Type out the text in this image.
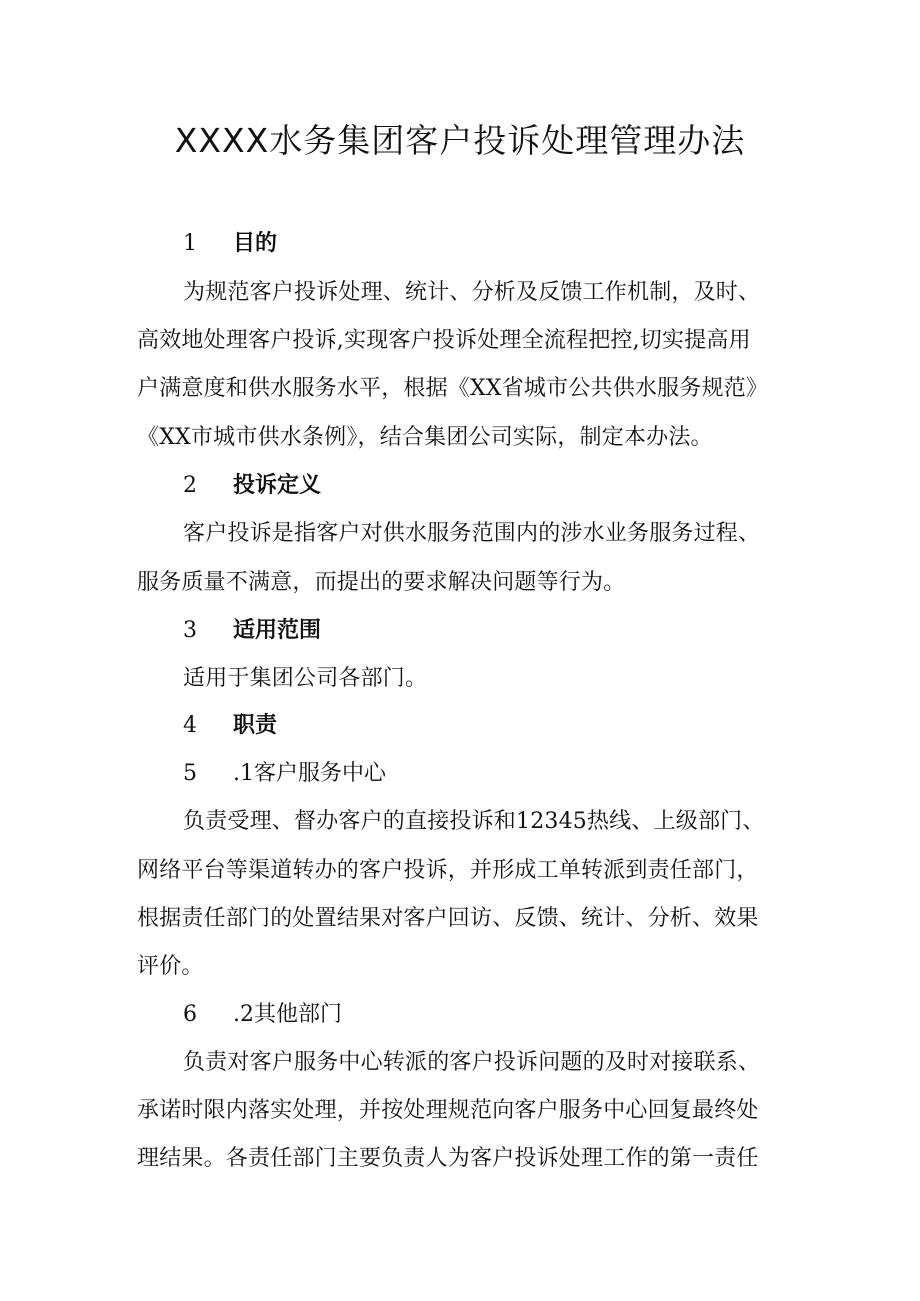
XXXX水务集团客户投诉处理管理办法
1 目的
为规范客户投诉处理、统计、分析及反馈工作机制，及时、
高效地处理客户投诉,实现客户投诉处理全流程把控,切实提高用
户满意度和供水服务水平，根据《XX省城市公共供水服务规范》
《XX市城市供水条例》，结合集团公司实际，制定本办法。
2 投诉定义
客户投诉是指客户对供水服务范围内的涉水业务服务过程、
服务质量不满意，而提出的要求解决问题等行为。
3 适用范围
适用于集团公司各部门。
4 职责
5 .1客户服务中心
负责受理、督办客户的直接投诉和12345热线、上级部门、
网络平台等渠道转办的客户投诉，并形成工单转派到责任部门，
根据责任部门的处置结果对客户回访、反馈、统计、分析、效果
评价。
6 .2其他部门
负责对客户服务中心转派的客户投诉问题的及时对接联系、
承诺时限内落实处理，并按处理规范向客户服务中心回复最终处
理结果。各责任部门主要负责人为客户投诉处理工作的第一责任
